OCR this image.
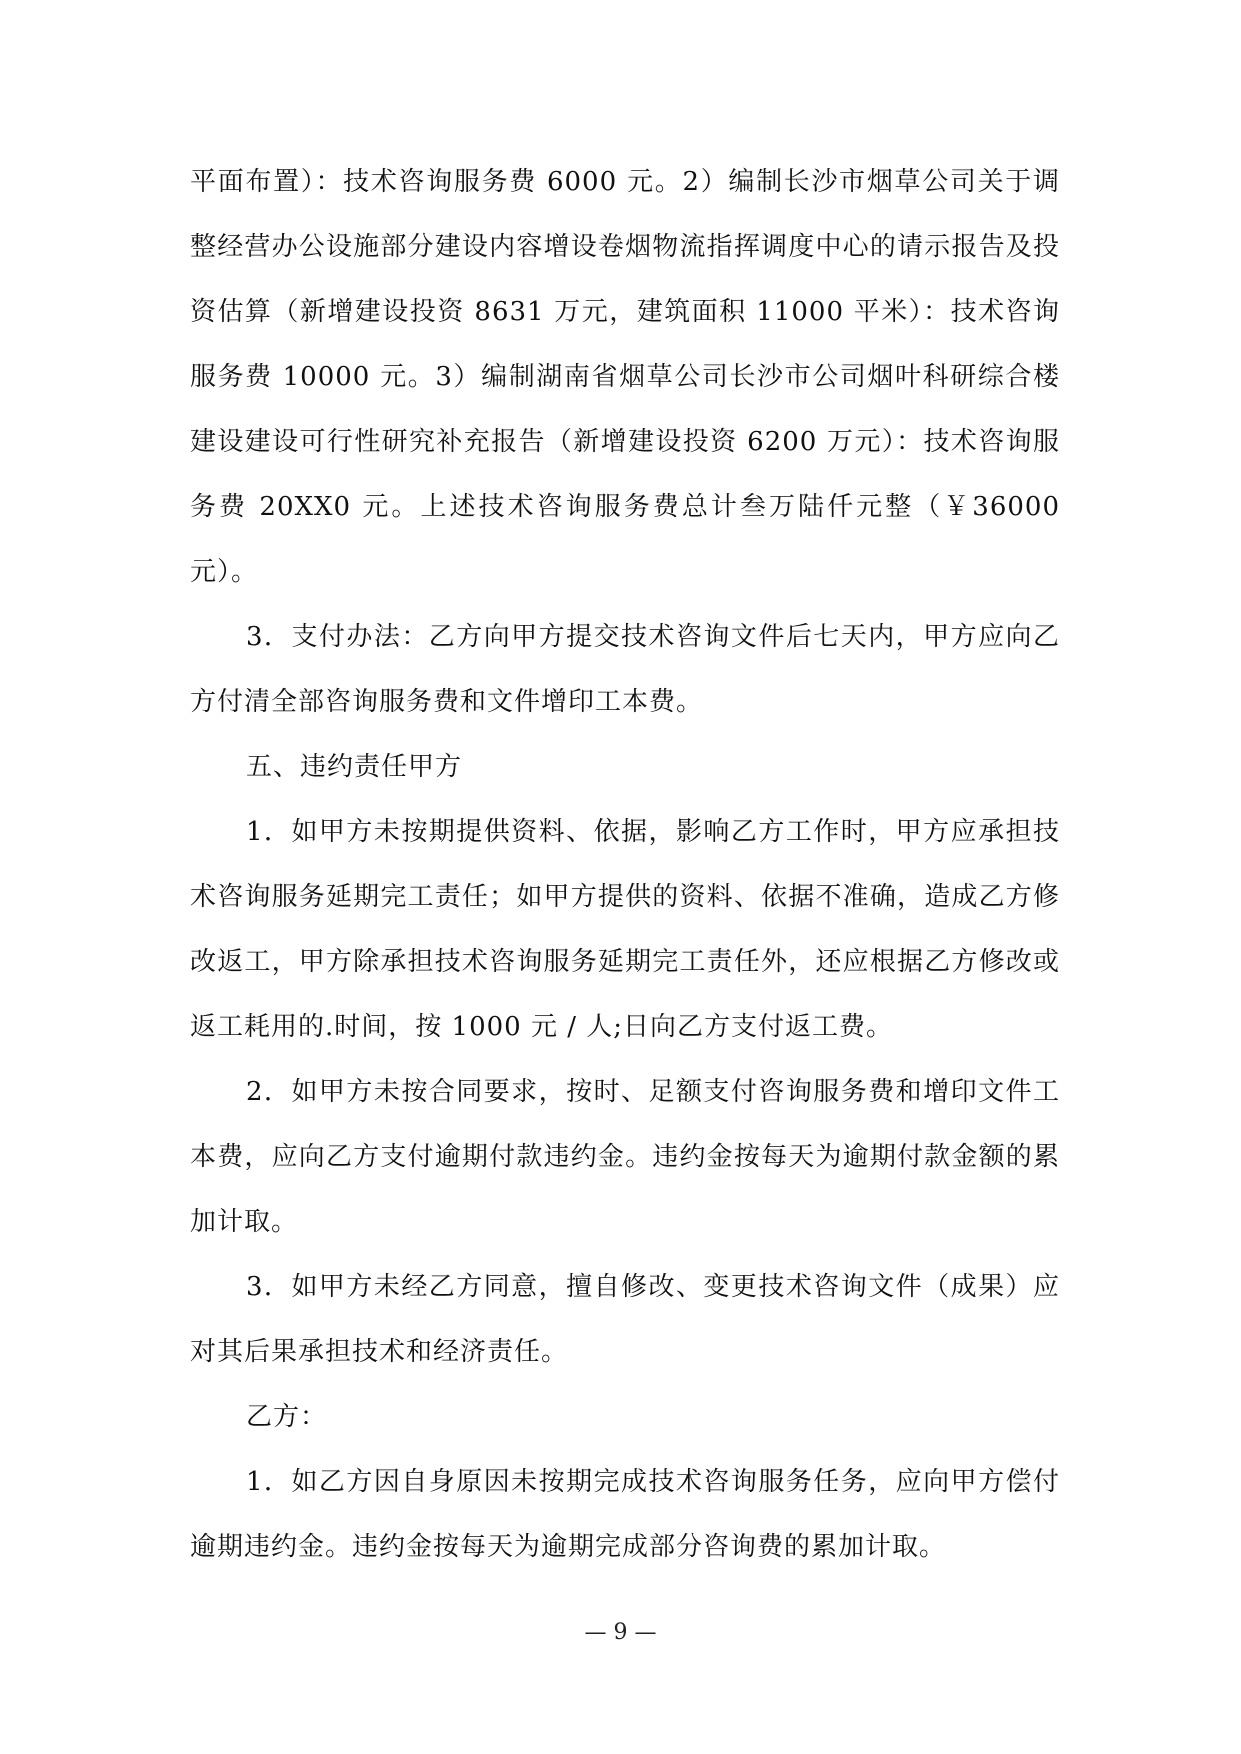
平面布置）：技术咨询服务费 6000 元。2）编制长沙市烟草公司关于调整经营办公设施部分建设内容增设卷烟物流指挥调度中心的请示报告及投资估算（新增建设投资 8631 万元，建筑面积 11000 平米）：技术咨询服务费 10000 元。3）编制湖南省烟草公司长沙市公司烟叶科研综合楼建设建设可行性研究补充报告（新增建设投资 6200 万元）：技术咨询服务费 20XX0 元。上述技术咨询服务费总计叁万陆仟元整（￥36000 元）。

3．支付办法：乙方向甲方提交技术咨询文件后七天内，甲方应向乙方付清全部咨询服务费和文件增印工本费。

五、违约责任甲方

1．如甲方未按期提供资料、依据，影响乙方工作时，甲方应承担技术咨询服务延期完工责任；如甲方提供的资料、依据不准确，造成乙方修改返工，甲方除承担技术咨询服务延期完工责任外，还应根据乙方修改或返工耗用的.时间，按 1000 元 / 人;日向乙方支付返工费。

2．如甲方未按合同要求，按时、足额支付咨询服务费和增印文件工本费，应向乙方支付逾期付款违约金。违约金按每天为逾期付款金额的累加计取。

3．如甲方未经乙方同意，擅自修改、变更技术咨询文件（成果）应对其后果承担技术和经济责任。

乙方：

1．如乙方因自身原因未按期完成技术咨询服务任务，应向甲方偿付逾期违约金。违约金按每天为逾期完成部分咨询费的累加计取。

— 9 —
